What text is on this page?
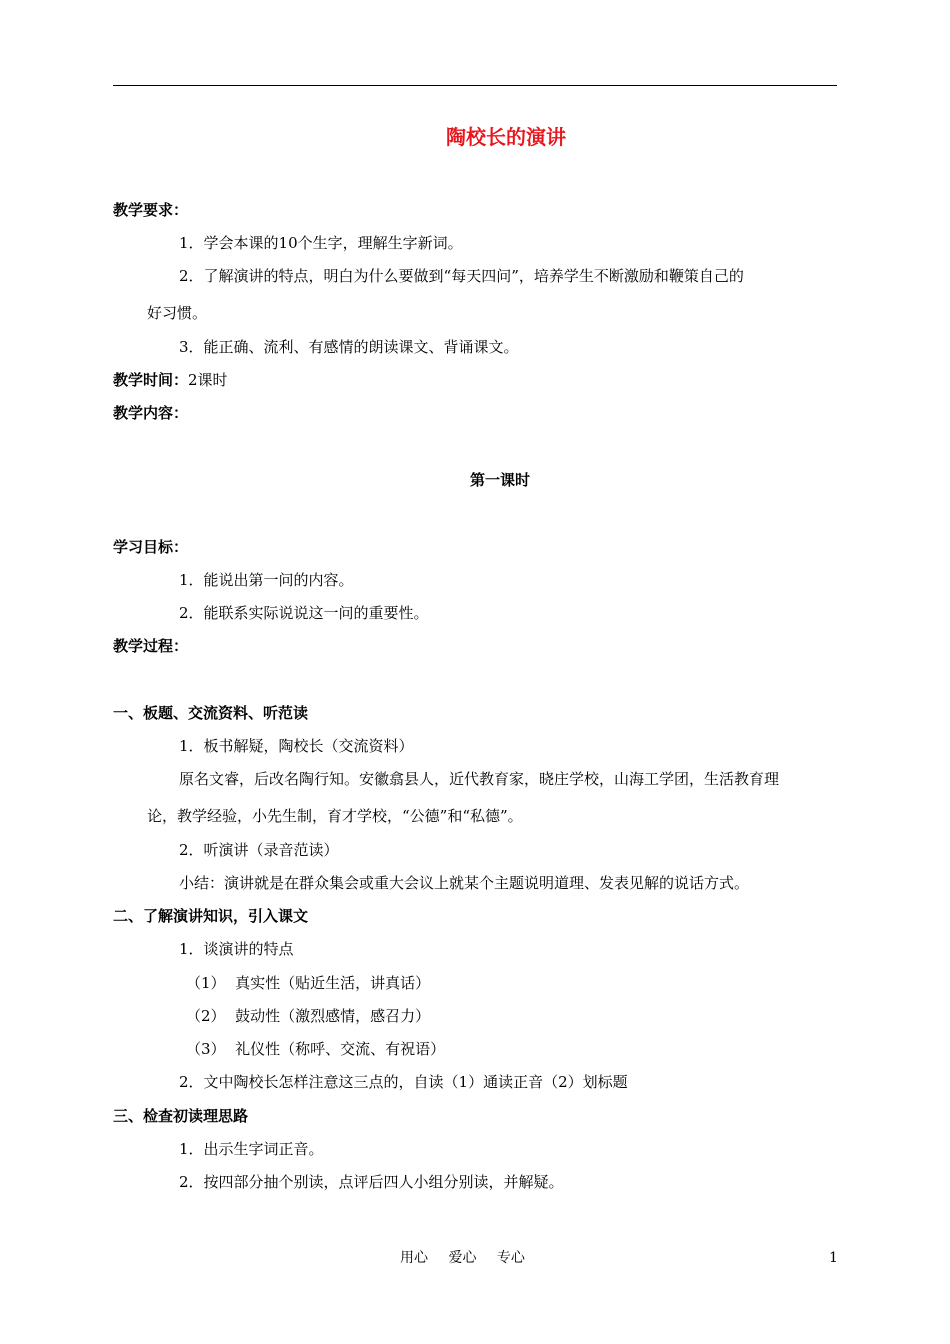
陶校长的演讲
教学要求：
1．学会本课的10个生字，理解生字新词。
2．了解演讲的特点，明白为什么要做到“每天四问”，培养学生不断激励和鞭策自己的
好习惯。
3．能正确、流利、有感情的朗读课文、背诵课文。
教学时间：2课时
教学内容：
第一课时
学习目标：
1．能说出第一问的内容。
2．能联系实际说说这一问的重要性。
教学过程：
一、板题、交流资料、听范读
1．板书解疑，陶校长（交流资料）
原名文睿，后改名陶行知。安徽翕县人，近代教育家，晓庄学校，山海工学团，生活教育理
论，教学经验，小先生制，育才学校，“公德”和“私德”。
2．听演讲（录音范读）
小结：演讲就是在群众集会或重大会议上就某个主题说明道理、发表见解的说话方式。
二、了解演讲知识，引入课文
1．谈演讲的特点
（1）  真实性（贴近生活，讲真话）
（2）  鼓动性（激烈感情，感召力）
（3）  礼仪性（称呼、交流、有祝语）
2．文中陶校长怎样注意这三点的，自读（1）通读正音（2）划标题
三、检查初读理思路
1．出示生字词正音。
2．按四部分抽个别读，点评后四人小组分别读，并解疑。
用心 爱心 专心	1
